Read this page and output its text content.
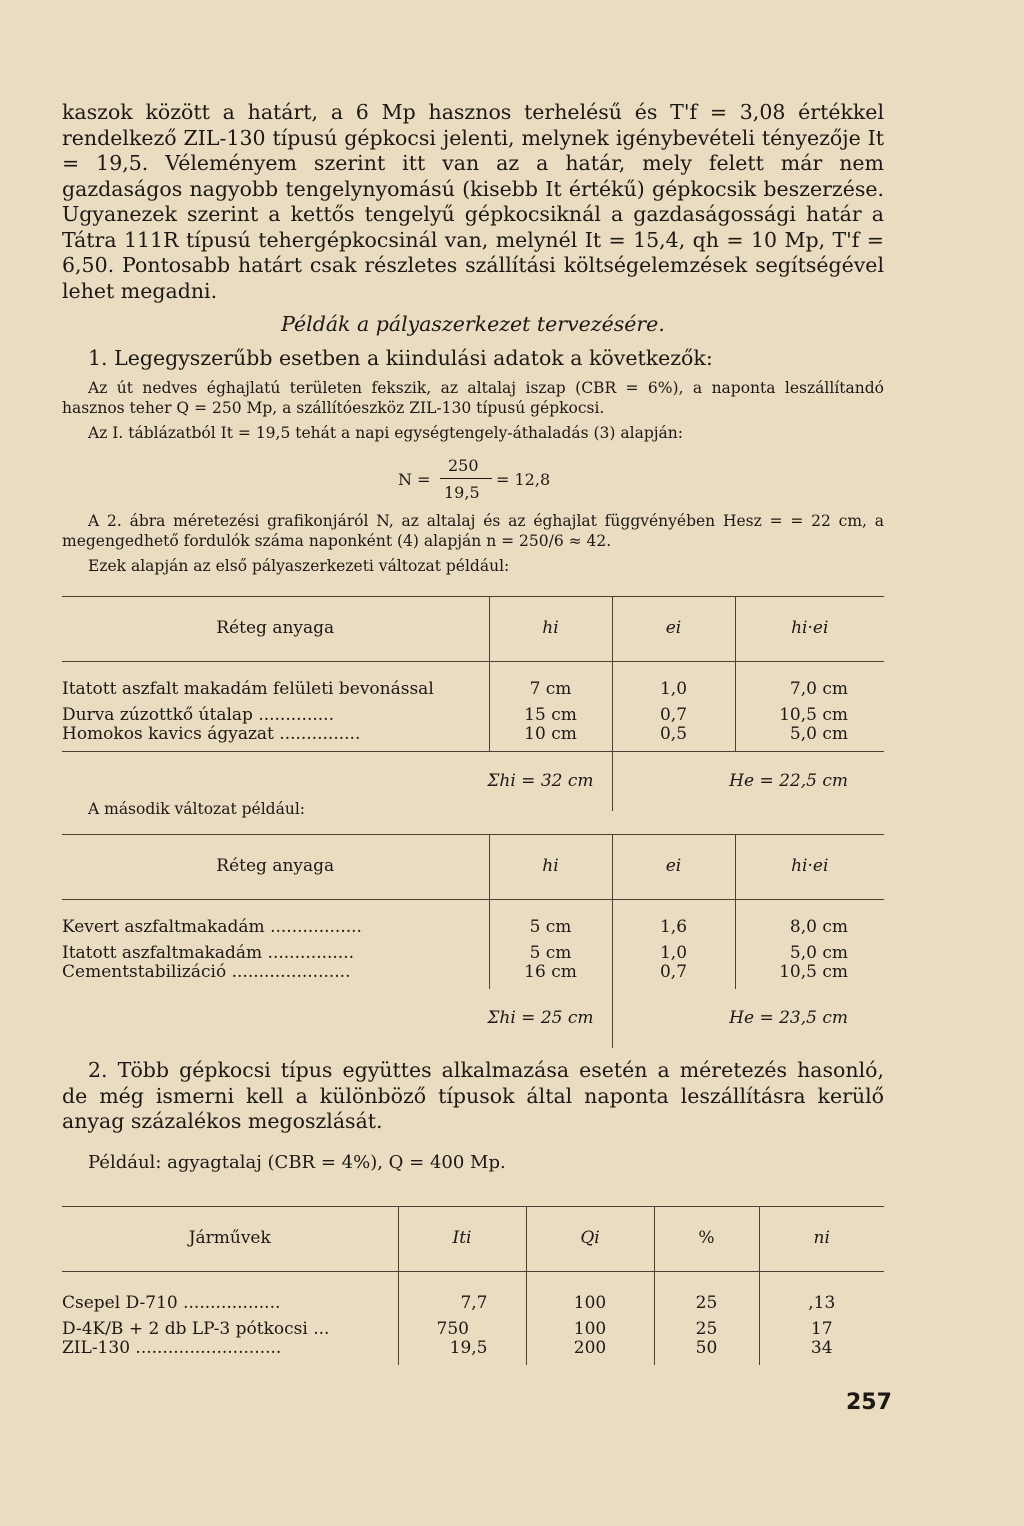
kaszok között a határt, a 6 Mp hasznos terhelésű és T'f = 3,08 értékkel rendelkező ZIL-130 típusú gépkocsi jelenti, melynek igénybevételi tényezője It = 19,5. Véleményem szerint itt van az a határ, mely felett már nem gazdaságos nagyobb tengelynyomású (kisebb It értékű) gépkocsik beszerzése. Ugyanezek szerint a kettős tengelyű gépkocsiknál a gazdaságossági határ a Tátra 111R típusú tehergépkocsinál van, melynél It = 15,4, qh = 10 Mp, T'f = 6,50. Pontosabb határt csak részletes szállítási költségelemzések segítségével lehet megadni.

Példák a pályaszerkezet tervezésére.

1. Legegyszerűbb esetben a kiindulási adatok a következők:

Az út nedves éghajlatú területen fekszik, az altalaj iszap (CBR = 6%), a naponta leszállítandó hasznos teher Q = 250 Mp, a szállítóeszköz ZIL-130 típusú gépkocsi.

Az I. táblázatból It = 19,5 tehát a napi egységtengely-áthaladás (3) alapján:

N =
250
19,5
= 12,8

A 2. ábra méretezési grafikonjáról N, az altalaj és az éghajlat függvényében Hesz = = 22 cm, a megengedhető fordulók száma naponként (4) alapján n = 250/6 ≈ 42.

Ezek alapján az első pályaszerkezeti változat például:

Réteg anyaga	hi	ei	hi·ei
Itatott aszfalt makadám felületi bevonással	7 cm	1,0	7,0 cm
Durva zúzottkő útalap ..............	15 cm	0,7	10,5 cm
Homokos kavics ágyazat ...............	10 cm	0,5	5,0 cm
Σhi = 32 cm		He = 22,5 cm	

A második változat például:

Réteg anyaga	hi	ei	hi·ei
Kevert aszfaltmakadám .................	5 cm	1,6	8,0 cm
Itatott aszfaltmakadám ................	5 cm	1,0	5,0 cm
Cementstabilizáció ......................	16 cm	0,7	10,5 cm
Σhi = 25 cm		He = 23,5 cm	

2. Több gépkocsi típus együttes alkalmazása esetén a méretezés hasonló, de még ismerni kell a különböző típusok által naponta leszállításra kerülő anyag százalékos megoszlását.

Például: agyagtalaj (CBR = 4%), Q = 400 Mp.

Járművek	Iti	Qi	%	ni
Csepel D-710 ..................	7,7	100	25	,13
D-4K/B + 2 db LP-3 pótkocsi ...	750	100	25	17
ZIL-130 ...........................	19,5	200	50	34
257
